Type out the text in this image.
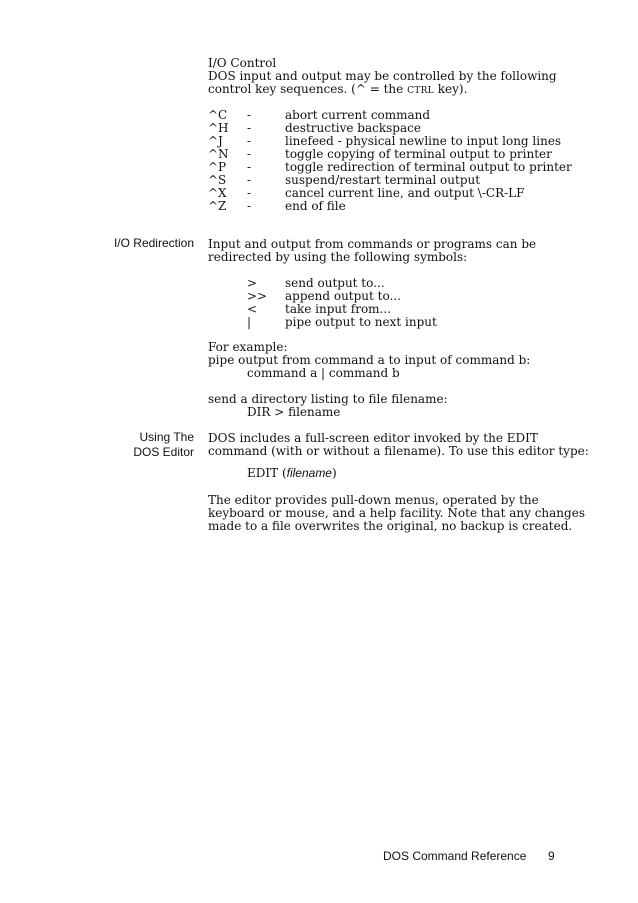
I/O Control
DOS input and output may be controlled by the following
control key sequences. (^ = the CTRL key).
^C -	abort current command
^H -	destructive backspace
^J -	linefeed - physical newline to input long lines
^N -	toggle copying of terminal output to printer
^P -	toggle redirection of terminal output to printer
^S -	suspend/restart terminal output
^X -	cancel current line, and output \-CR-LF
^Z -	end of file
I/O Redirection Input and output from commands or programs can be
redirected by using the following symbols:
> send output to...
>> append output to...
< take input from...
|	pipe output to next input
For example:
pipe output from command a to input of command b:
command a | command b
send a directory listing to file filename:
DIR > filename
Using The
DOS Editor
DOS includes a full-screen editor invoked by the EDIT
command (with or without a filename). To use this editor type:
EDIT (filename)
The editor provides pull-down menus, operated by the
keyboard or mouse, and a help facility. Note that any changes
made to a file overwrites the original, no backup is created.
DOS Command Reference 9
